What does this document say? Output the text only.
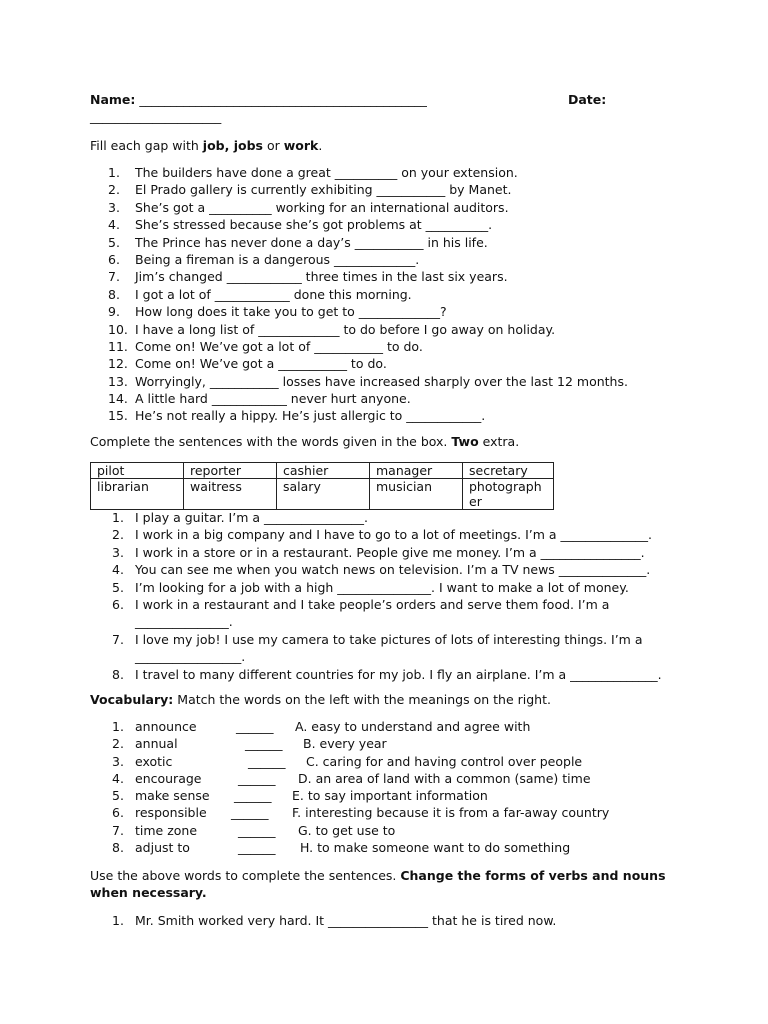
Name: ______________________________________________	Date:
_____________________
Fill each gap with job, jobs or work.
1. The builders have done a great __________ on your extension.
2. El Prado gallery is currently exhibiting ___________ by Manet.
3. She’s got a __________ working for an international auditors.
4. She’s stressed because she’s got problems at __________.
5. The Prince has never done a day’s ___________ in his life.
6. Being a fireman is a dangerous _____________.
7. Jim’s changed ____________ three times in the last six years.
8. I got a lot of ____________ done this morning.
9. How long does it take you to get to _____________?
10. I have a long list of _____________ to do before I go away on holiday.
11. Come on! We’ve got a lot of ___________ to do.
12. Come on! We’ve got a ___________ to do.
13. Worryingly, ___________ losses have increased sharply over the last 12 months.
14. A little hard ____________ never hurt anyone.
15. He’s not really a hippy. He’s just allergic to ____________.
Complete the sentences with the words given in the box. Two extra.
pilot	reporter	cashier	manager	secretary
librarian	waitress	salary	musician	photograph
er
1. I play a guitar. I’m a ________________.
2. I work in a big company and I have to go to a lot of meetings. I’m a ______________.
3. I work in a store or in a restaurant. People give me money. I’m a ________________.
4. You can see me when you watch news on television. I’m a TV news ______________.
5. I’m looking for a job with a high _______________. I want to make a lot of money.
6. I work in a restaurant and I take people’s orders and serve them food. I’m a
_______________.
7. I love my job! I use my camera to take pictures of lots of interesting things. I’m a
_________________.
8. I travel to many different countries for my job. I fly an airplane. I’m a ______________.
Vocabulary: Match the words on the left with the meanings on the right.
1. announce	______ A. easy to understand and agree with
2. annual	______ B. every year
3. exotic	______ C. caring for and having control over people
4. encourage	______ D. an area of land with a common (same) time
5. make sense ______ E. to say important information
6. responsible ______ F. interesting because it is from a far-away country
7. time zone	______ G. to get use to
8. adjust to	______ H. to make someone want to do something
Use the above words to complete the sentences. Change the forms of verbs and nouns
when necessary.
1. Mr. Smith worked very hard. It ________________ that he is tired now.
